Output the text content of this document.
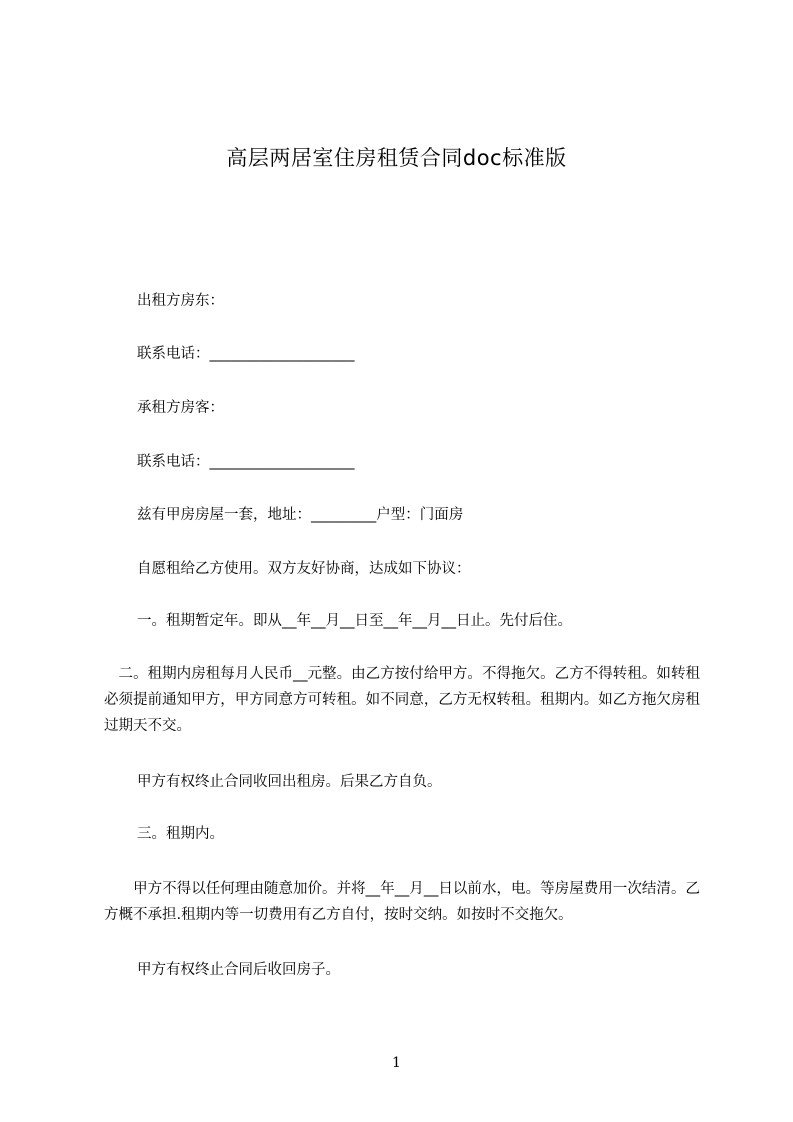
高层两居室住房租赁合同doc标准版
出租方房东：
联系电话：____________________
承租方房客：
联系电话：____________________
兹有甲房房屋一套，地址：_________户型：门面房
自愿租给乙方使用。双方友好协商，达成如下协议：
一。租期暂定年。即从__年__月__日至__年__月__日止。先付后住。
　二。租期内房租每月人民币__元整。由乙方按付给甲方。不得拖欠。乙方不得转租。如转租必须提前通知甲方，甲方同意方可转租。如不同意，乙方无权转租。租期内。如乙方拖欠房租过期天不交。
甲方有权终止合同收回出租房。后果乙方自负。
三。租期内。
　　甲方不得以任何理由随意加价。并将__年__月__日以前水，电。等房屋费用一次结清。乙方概不承担.租期内等一切费用有乙方自付，按时交纳。如按时不交拖欠。
甲方有权终止合同后收回房子。
1
